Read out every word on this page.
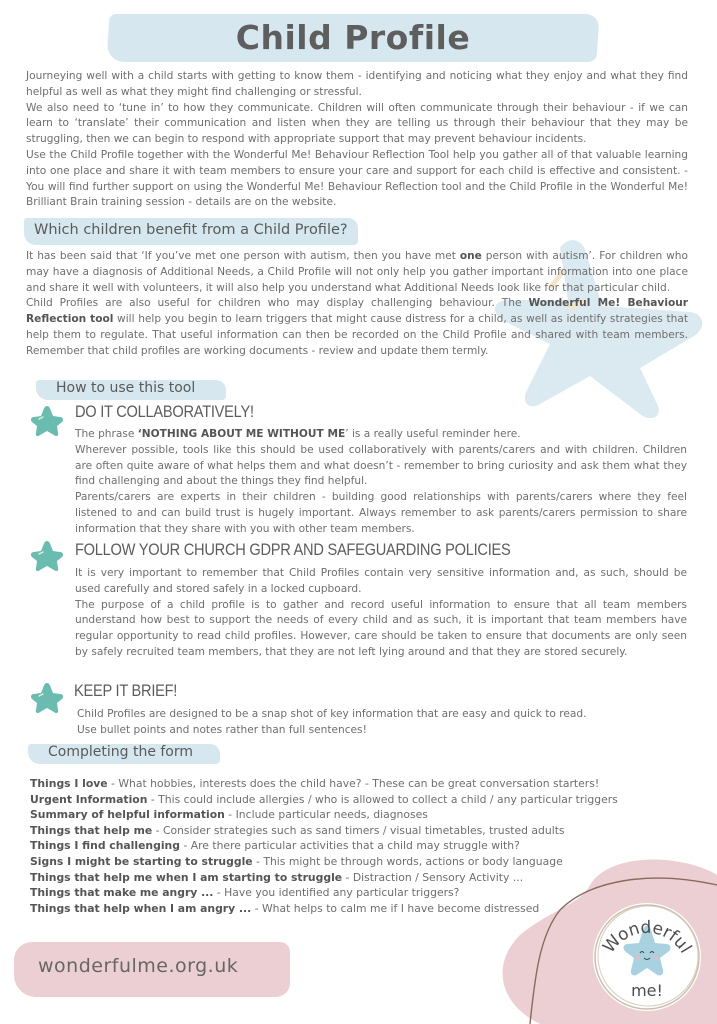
Child Profile

Journeying well with a child starts with getting to know them - identifying and noticing what they enjoy and what they find helpful as well as what they might find challenging or stressful.

We also need to ‘tune in’ to how they communicate. Children will often communicate through their behaviour - if we can learn to ‘translate’ their communication and listen when they are telling us through their behaviour that they may be struggling, then we can begin to respond with appropriate support that may prevent behaviour incidents.

Use the Child Profile together with the Wonderful Me! Behaviour Reflection Tool help you gather all of that valuable learning into one place and share it with team members to ensure your care and support for each child is effective and consistent. - You will find further support on using the Wonderful Me! Behaviour Reflection tool and the Child Profile in the Wonderful Me! Brilliant Brain training session - details are on the website.

Which children benefit from a Child Profile?

It has been said that ‘If you’ve met one person with autism, then you have met one person with autism’. For children who may have a diagnosis of Additional Needs, a Child Profile will not only help you gather important information into one place and share it well with volunteers, it will also help you understand what Additional Needs look like for that particular child.

Child Profiles are also useful for children who may display challenging behaviour. The Wonderful Me! Behaviour Reflection tool will help you begin to learn triggers that might cause distress for a child, as well as identify strategies that help them to regulate. That useful information can then be recorded on the Child Profile and shared with team members. Remember that child profiles are working documents - review and update them termly.

How to use this tool
DO IT COLLABORATIVELY!

The phrase ‘NOTHING ABOUT ME WITHOUT ME’ is a really useful reminder here.

Wherever possible, tools like this should be used collaboratively with parents/carers and with children. Children are often quite aware of what helps them and what doesn’t - remember to bring curiosity and ask them what they find challenging and about the things they find helpful.

Parents/carers are experts in their children - building good relationships with parents/carers where they feel listened to and can build trust is hugely important. Always remember to ask parents/carers permission to share information that they share with you with other team members.

FOLLOW YOUR CHURCH GDPR AND SAFEGUARDING POLICIES

It is very important to remember that Child Profiles contain very sensitive information and, as such, should be used carefully and stored safely in a locked cupboard.

The purpose of a child profile is to gather and record useful information to ensure that all team members understand how best to support the needs of every child and as such, it is important that team members have regular opportunity to read child profiles. However, care should be taken to ensure that documents are only seen by safely recruited team members, that they are not left lying around and that they are stored securely.

KEEP IT BRIEF!

Child Profiles are designed to be a snap shot of key information that are easy and quick to read.

Use bullet points and notes rather than full sentences!

Completing the form
Things I love - What hobbies, interests does the child have? - These can be great conversation starters!
Urgent Information - This could include allergies / who is allowed to collect a child / any particular triggers
Summary of helpful information - Include particular needs, diagnoses
Things that help me - Consider strategies such as sand timers / visual timetables, trusted adults
Things I find challenging - Are there particular activities that a child may struggle with?
Signs I might be starting to struggle - This might be through words, actions or body language
Things that help me when I am starting to struggle - Distraction / Sensory Activity ...
Things that make me angry ... - Have you identified any particular triggers?
Things that help when I am angry ... - What helps to calm me if I have become distressed
Wonderful
me!
wonderfulme.org.uk
